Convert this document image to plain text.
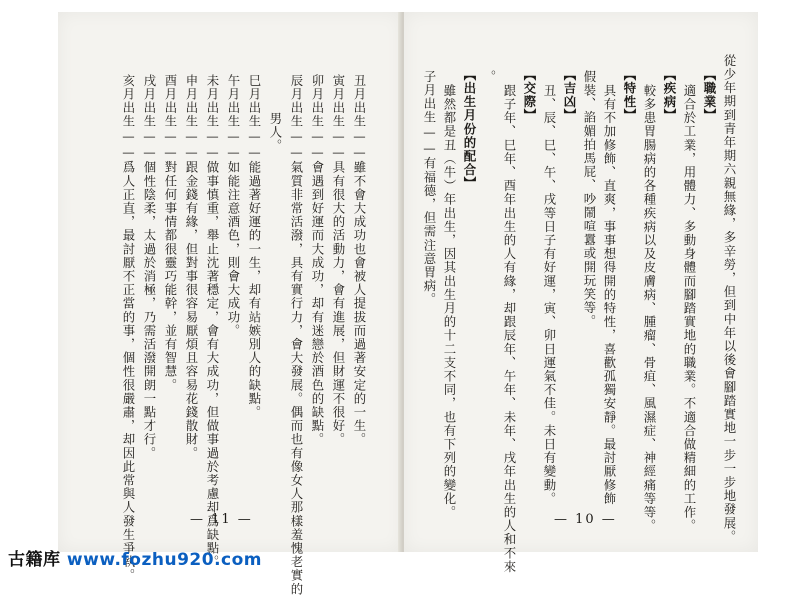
丑月出生——雖不會大成功也會被人提拔而過著安定的一生。
寅月出生——具有很大的活動力，會有進展，但財運不很好。
卯月出生——會遇到好運而大成功，却有迷戀於酒色的缺點。
辰月出生——氣質非常活潑，具有實行力，會大發展。偶而也有像女人那樣羞愧老實的
男人。
巳月出生——能過著好運的一生，却有站嫉別人的缺點。
午月出生——如能注意酒色，則會大成功。
未月出生——做事慎重，舉止沈著穩定，會有大成功，但做事過於考慮却爲缺點。
申月出生——跟金錢有緣，但對事很容易厭煩且容易花錢散財。
酉月出生——對任何事情都很靈巧能幹，並有智慧。
戌月出生——個性陰柔，太過於消極，乃需活潑開朗一點才行。
亥月出生——爲人正直，最討厭不正當的事，個性很嚴肅，却因此常與人發生爭執。	— 11 —	從少年期到青年期六親無緣，多辛勞，但到中年以後會腳踏實地一步一步地發展。
【職業】
適合於工業，用體力、多動身體而腳踏實地的職業。不適合做精細的工作。
【疾病】
較多患胃腸病的各種疾病以及皮膚病、腫瘤、骨疽、風濕症、神經痛等等。
【特性】
具有不加修飾、直爽，事事想得開的特性，喜歡孤獨安靜。最討厭修飾
假裝、諂媚拍馬屁、吵鬧喧囂或開玩笑等。
【吉凶】
丑、辰、巳、午、戌等日子有好運，寅、卯日運氣不佳。未日有變動。
【交際】
跟子年、巳年、酉年出生的人有緣，却跟辰年、午年、未年、戌年出生的人和不來
。
【出生月份的配合】
雖然都是丑（牛）年出生，因其出生月的十二支不同，也有下列的變化。
子月出生——有福德，但需注意胃病。
— 10 —
古籍库 www.fozhu920.com
